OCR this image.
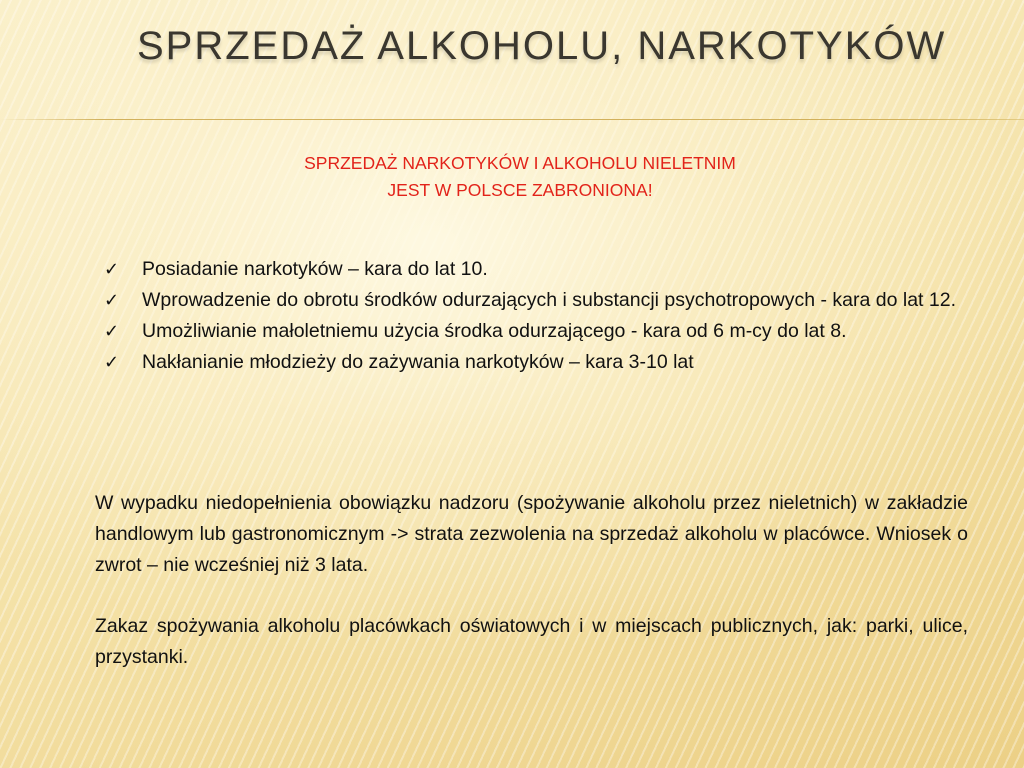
SPRZEDAŻ ALKOHOLU, NARKOTYKÓW
SPRZEDAŻ NARKOTYKÓW I ALKOHOLU NIELETNIM
JEST W POLSCE ZABRONIONA!
✓	Posiadanie narkotyków – kara do lat 10.
✓	Wprowadzenie do obrotu środków odurzających i substancji psychotropowych - kara do lat 12.
✓	Umożliwianie małoletniemu użycia środka odurzającego - kara od 6 m-cy do lat 8.
✓	Nakłanianie młodzieży do zażywania narkotyków – kara 3-10 lat

W wypadku niedopełnienia obowiązku nadzoru (spożywanie alkoholu przez nieletnich) w zakładzie handlowym lub gastronomicznym -> strata zezwolenia na sprzedaż alkoholu w placówce. Wniosek o zwrot – nie wcześniej niż 3 lata.

Zakaz spożywania alkoholu placówkach oświatowych i w miejscach publicznych, jak: parki, ulice, przystanki.
